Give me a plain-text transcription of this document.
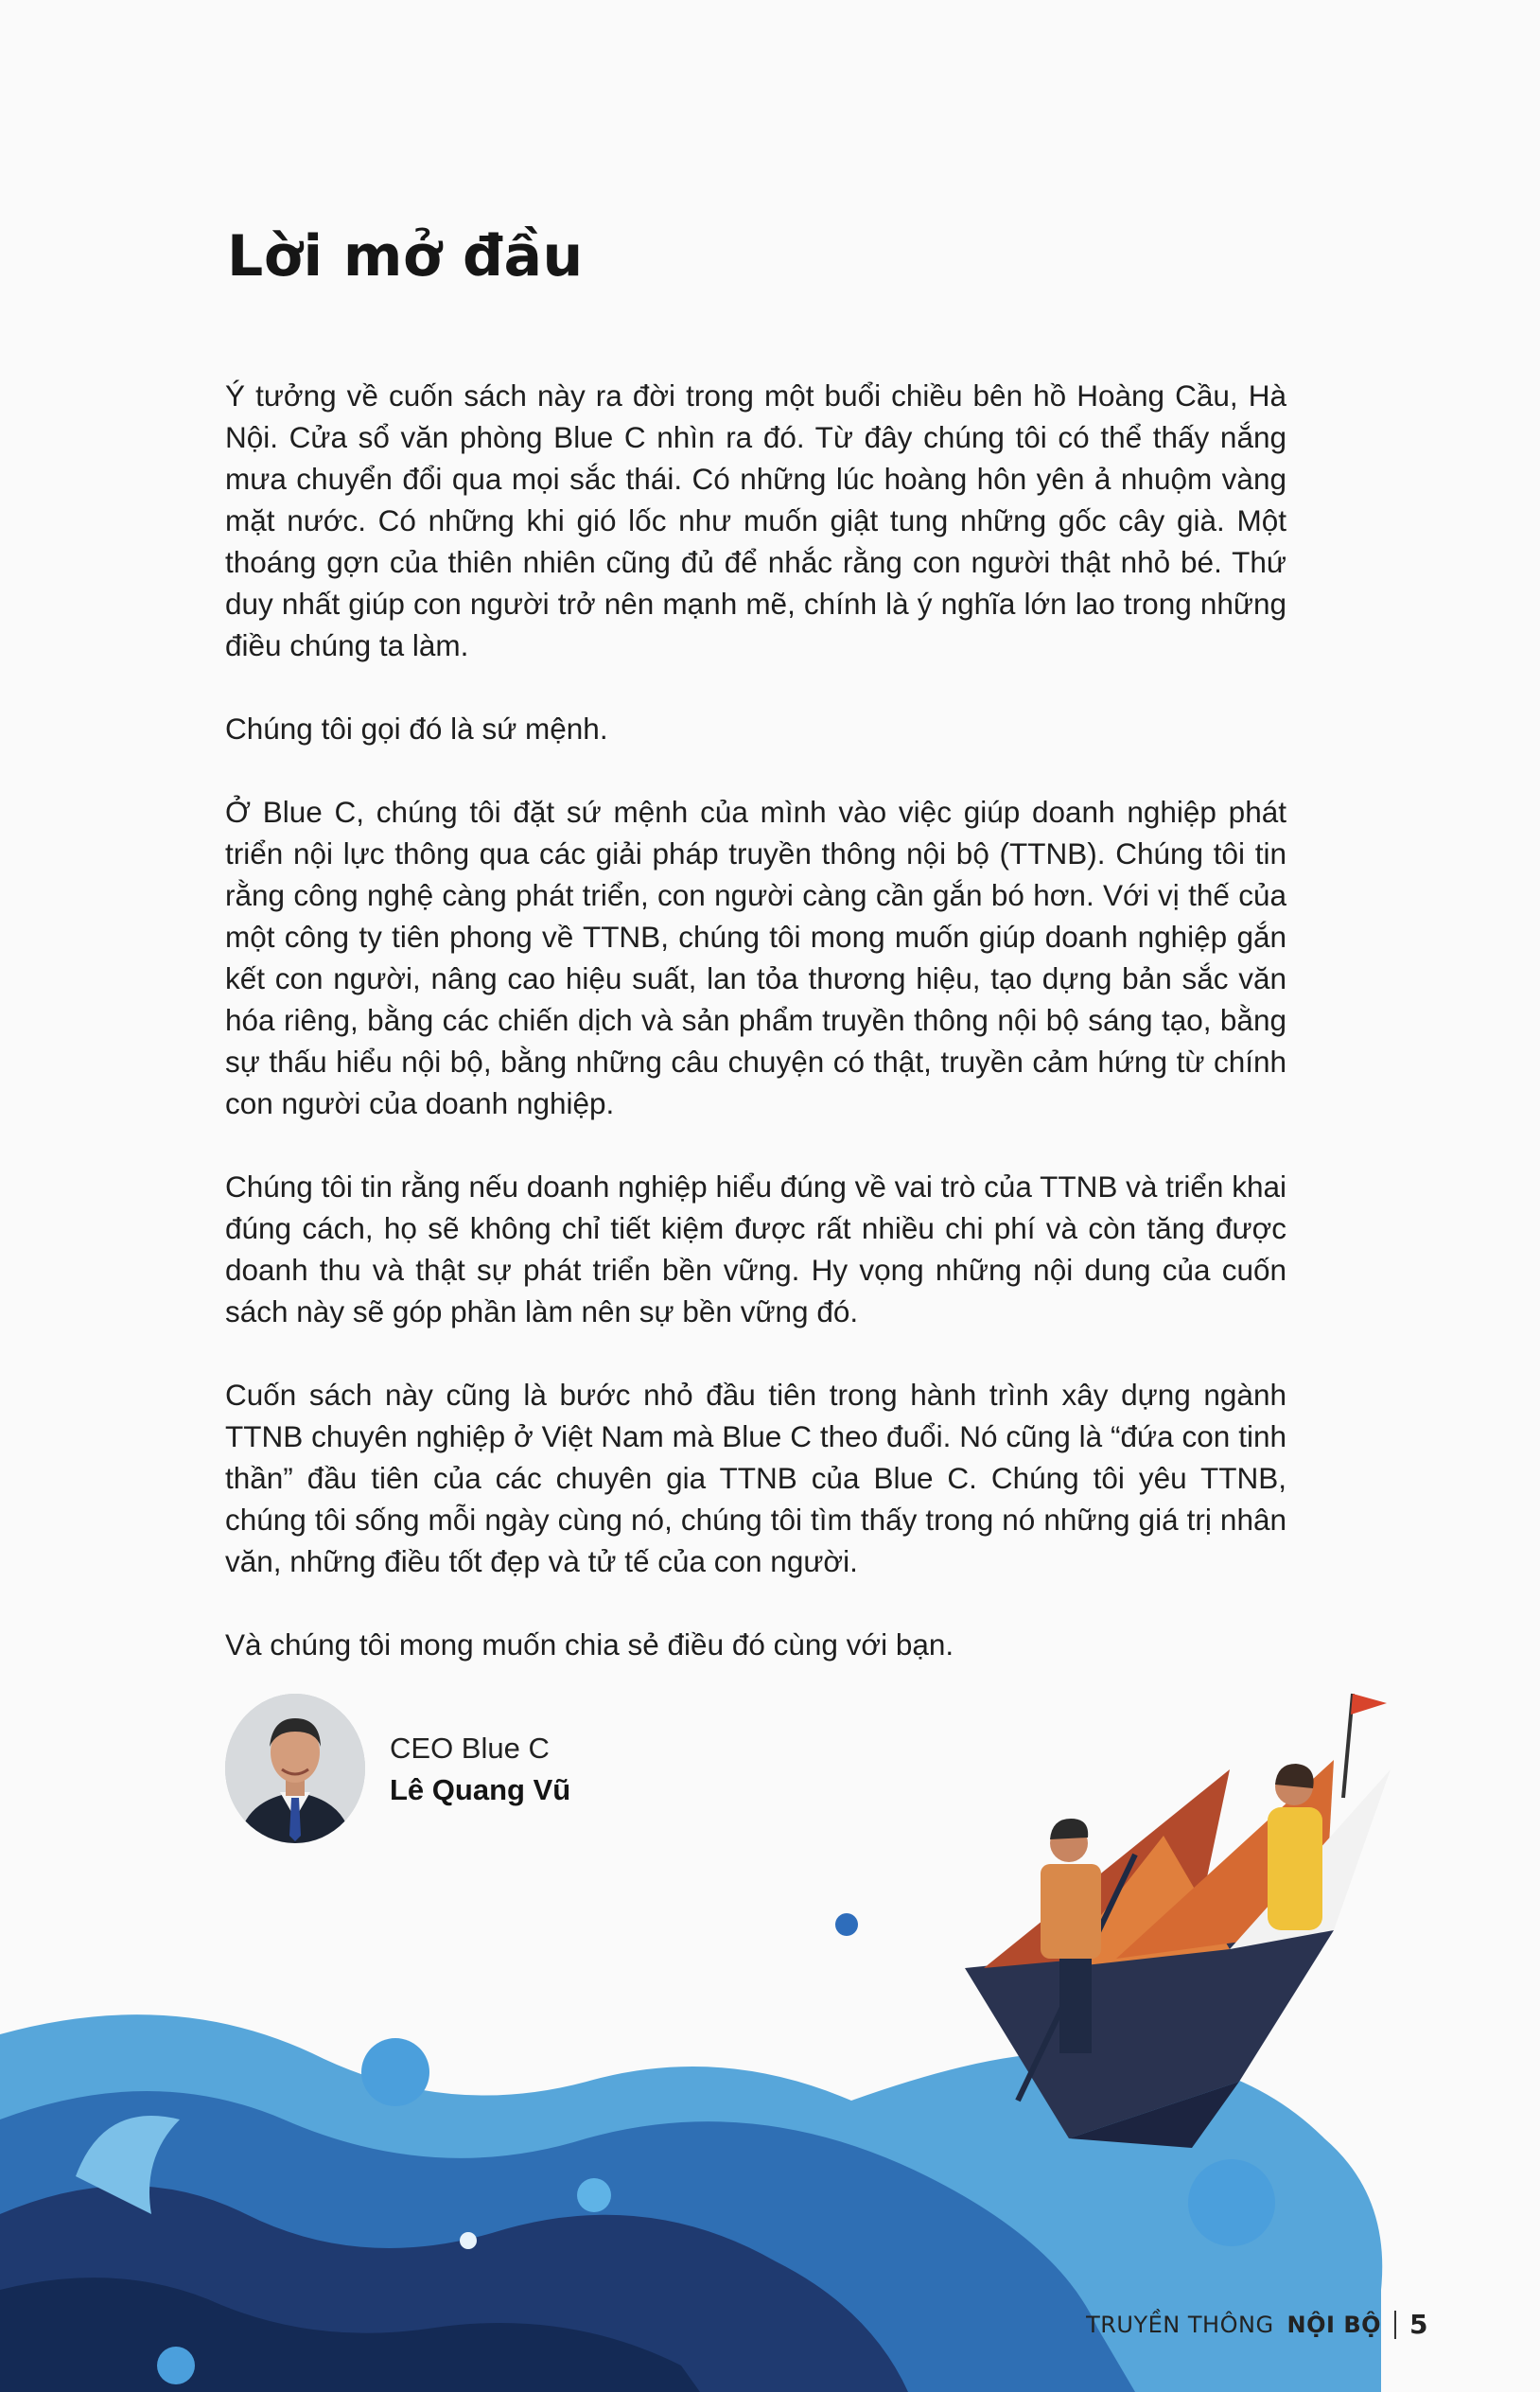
Lời mở đầu

Ý tưởng về cuốn sách này ra đời trong một buổi chiều bên hồ Hoàng Cầu, Hà Nội. Cửa sổ văn phòng Blue C nhìn ra đó. Từ đây chúng tôi có thể thấy nắng mưa chuyển đổi qua mọi sắc thái. Có những lúc hoàng hôn yên ả nhuộm vàng mặt nước. Có những khi gió lốc như muốn giật tung những gốc cây già. Một thoáng gợn của thiên nhiên cũng đủ để nhắc rằng con người thật nhỏ bé. Thứ duy nhất giúp con người trở nên mạnh mẽ, chính là ý nghĩa lớn lao trong những điều chúng ta làm.

Chúng tôi gọi đó là sứ mệnh.

Ở Blue C, chúng tôi đặt sứ mệnh của mình vào việc giúp doanh nghiệp phát triển nội lực thông qua các giải pháp truyền thông nội bộ (TTNB). Chúng tôi tin rằng công nghệ càng phát triển, con người càng cần gắn bó hơn. Với vị thế của một công ty tiên phong về TTNB, chúng tôi mong muốn giúp doanh nghiệp gắn kết con người, nâng cao hiệu suất, lan tỏa thương hiệu, tạo dựng bản sắc văn hóa riêng, bằng các chiến dịch và sản phẩm truyền thông nội bộ sáng tạo, bằng sự thấu hiểu nội bộ, bằng những câu chuyện có thật, truyền cảm hứng từ chính con người của doanh nghiệp.

Chúng tôi tin rằng nếu doanh nghiệp hiểu đúng về vai trò của TTNB và triển khai đúng cách, họ sẽ không chỉ tiết kiệm được rất nhiều chi phí và còn tăng được doanh thu và thật sự phát triển bền vững. Hy vọng những nội dung của cuốn sách này sẽ góp phần làm nên sự bền vững đó.

Cuốn sách này cũng là bước nhỏ đầu tiên trong hành trình xây dựng ngành TTNB chuyên nghiệp ở Việt Nam mà Blue C theo đuổi. Nó cũng là “đứa con tinh thần” đầu tiên của các chuyên gia TTNB của Blue C. Chúng tôi yêu TTNB, chúng tôi sống mỗi ngày cùng nó, chúng tôi tìm thấy trong nó những giá trị nhân văn, những điều tốt đẹp và tử tế của con người.

Và chúng tôi mong muốn chia sẻ điều đó cùng với bạn.

CEO Blue C

Lê Quang Vũ

TRUYỀN THÔNG NỘI BỘ 5
